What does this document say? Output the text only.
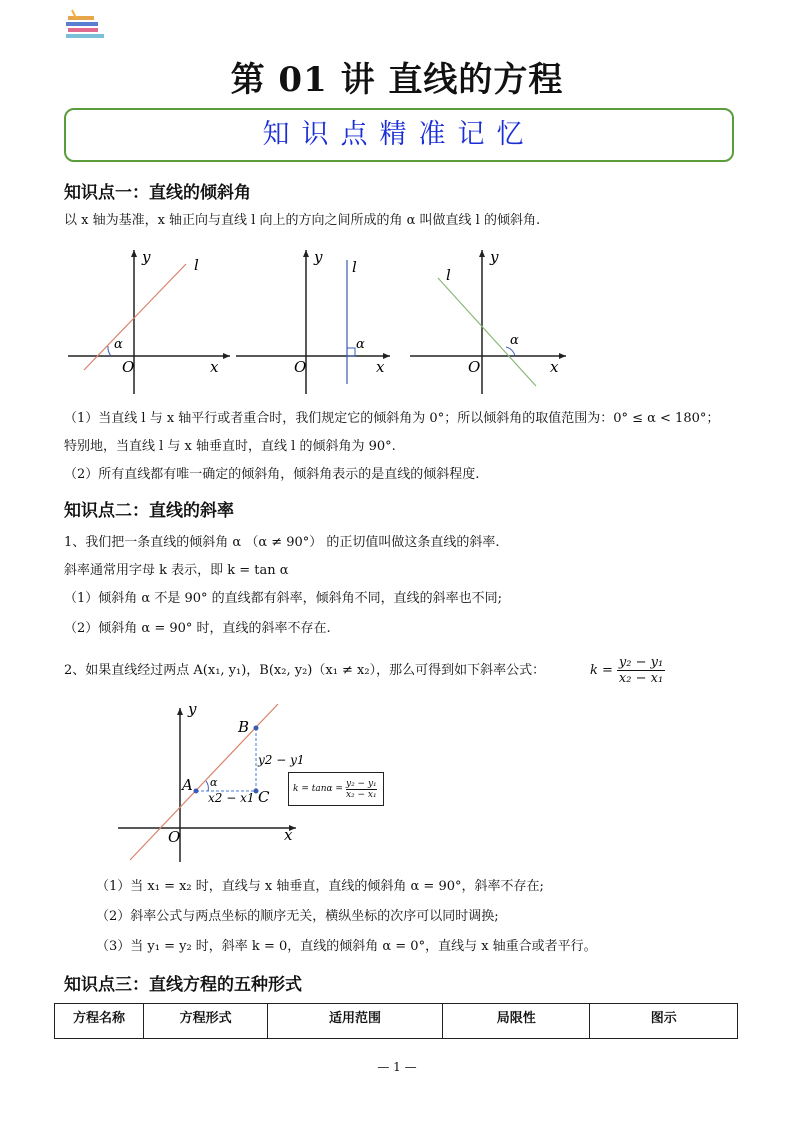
第 01 讲 直线的方程
知识点精准记忆
知识点一：直线的倾斜角
以 x 轴为基准，x 轴正向与直线 l 向上的方向之间所成的角 α 叫做直线 l 的倾斜角.
y	l
α
O	x
y
l
α
O	x
y
l
α
O	x
（1）当直线 l 与 x 轴平行或者重合时，我们规定它的倾斜角为 0°；所以倾斜角的取值范围为：0° ≤ α < 180°；
特别地，当直线 l 与 x 轴垂直时，直线 l 的倾斜角为 90°.
（2）所有直线都有唯一确定的倾斜角，倾斜角表示的是直线的倾斜程度.
知识点二：直线的斜率
1、我们把一条直线的倾斜角 α （α ≠ 90°） 的正切值叫做这条直线的斜率.
斜率通常用字母 k 表示，即 k = tan α
（1）倾斜角 α 不是 90° 的直线都有斜率，倾斜角不同，直线的斜率也不同;
（2）倾斜角 α = 90° 时，直线的斜率不存在.
2、如果直线经过两点 A(x₁, y₁)，B(x₂, y₂)（x₁ ≠ x₂），那么可得到如下斜率公式：	$k = \frac{\text{y₂ − y₁}}{\text{x₂ − x₁}}$
y
B
A
C
α
y2 − y1
x2 − x1
O	x
$k = \tan\alpha = \frac{\text{y₂ − y₁}}{\text{x₂ − x₁}}$
（1）当 x₁ = x₂ 时，直线与 x 轴垂直，直线的倾斜角 α = 90°，斜率不存在;
（2）斜率公式与两点坐标的顺序无关，横纵坐标的次序可以同时调换;
（3）当 y₁ = y₂ 时，斜率 k = 0，直线的倾斜角 α = 0°，直线与 x 轴重合或者平行。
知识点三：直线方程的五种形式
方程名称	方程形式	适用范围	局限性	图示
— 1 —
